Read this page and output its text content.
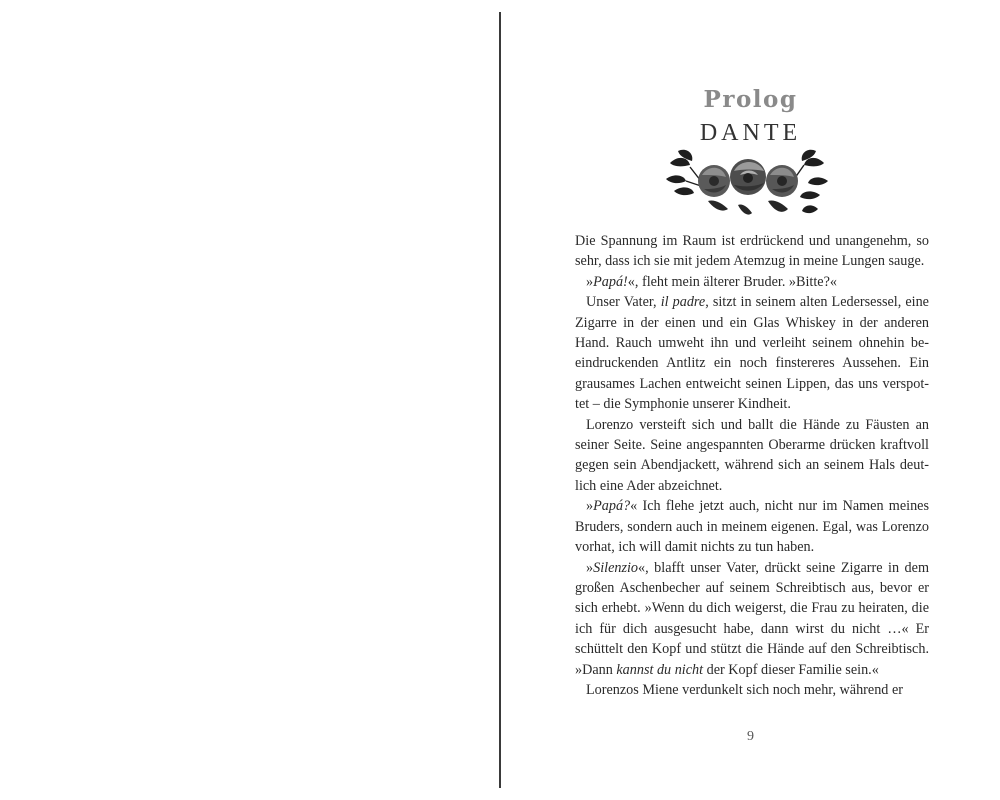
Prolog
DANTE

Die Spannung im Raum ist erdrückend und unangenehm, so sehr, dass ich sie mit jedem Atemzug in meine Lungen sauge.

»Papá!«, fleht mein älterer Bruder. »Bitte?«

Unser Vater, il padre, sitzt in seinem alten Ledersessel, eine Zigarre in der einen und ein Glas Whiskey in der anderen Hand. Rauch umweht ihn und verleiht seinem ohnehin beeindruckenden Antlitz ein noch finstereres Aussehen. Ein grausames Lachen entweicht seinen Lippen, das uns verspottet – die Symphonie unserer Kindheit.

Lorenzo versteift sich und ballt die Hände zu Fäusten an seiner Seite. Seine angespannten Oberarme drücken kraftvoll gegen sein Abendjackett, während sich an seinem Hals deutlich eine Ader abzeichnet.

»Papá?« Ich flehe jetzt auch, nicht nur im Namen meines Bruders, sondern auch in meinem eigenen. Egal, was Lorenzo vorhat, ich will damit nichts zu tun haben.

»Silenzio«, blafft unser Vater, drückt seine Zigarre in dem großen Aschenbecher auf seinem Schreibtisch aus, bevor er sich erhebt. »Wenn du dich weigerst, die Frau zu heiraten, die ich für dich ausgesucht habe, dann wirst du nicht …« Er schüttelt den Kopf und stützt die Hände auf den Schreibtisch. »Dann kannst du nicht der Kopf dieser Familie sein.«

Lorenzos Miene verdunkelt sich noch mehr, während er

9
